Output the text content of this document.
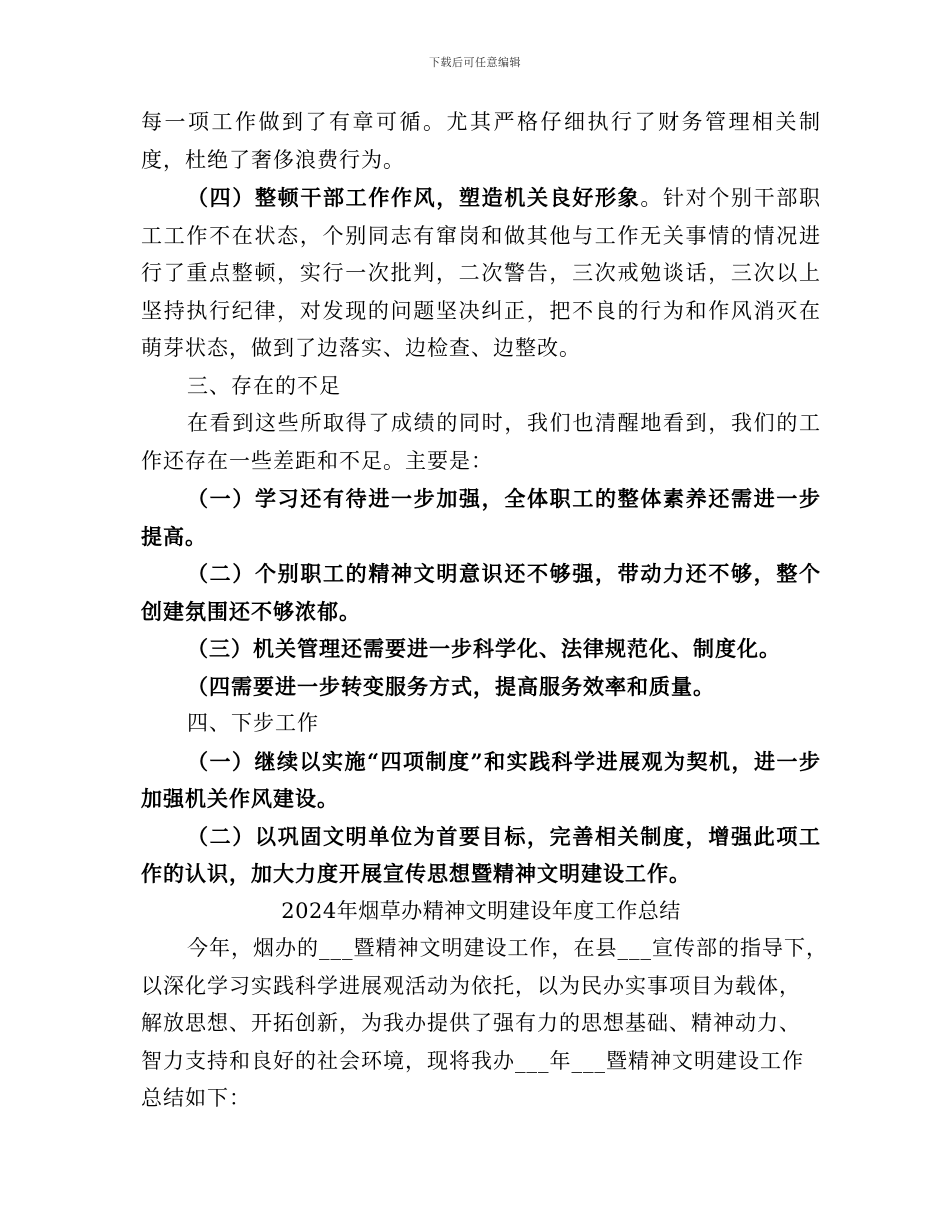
下载后可任意编辑

每一项工作做到了有章可循。尤其严格仔细执行了财务管理相关制度，杜绝了奢侈浪费行为。

（四）整顿干部工作作风，塑造机关良好形象。针对个别干部职工工作不在状态，个别同志有窜岗和做其他与工作无关事情的情况进行了重点整顿，实行一次批判，二次警告，三次戒勉谈话，三次以上坚持执行纪律，对发现的问题坚决纠正，把不良的行为和作风消灭在萌芽状态，做到了边落实、边检查、边整改。

三、存在的不足

在看到这些所取得了成绩的同时，我们也清醒地看到，我们的工作还存在一些差距和不足。主要是：

（一）学习还有待进一步加强，全体职工的整体素养还需进一步提高。

（二）个别职工的精神文明意识还不够强，带动力还不够，整个创建氛围还不够浓郁。

（三）机关管理还需要进一步科学化、法律规范化、制度化。

（四需要进一步转变服务方式，提高服务效率和质量。

四、下步工作

（一）继续以实施“四项制度”和实践科学进展观为契机，进一步加强机关作风建设。

（二）以巩固文明单位为首要目标，完善相关制度，增强此项工作的认识，加大力度开展宣传思想暨精神文明建设工作。

2024年烟草办精神文明建设年度工作总结

今年，烟办的___暨精神文明建设工作，在县___宣传部的指导下，

以深化学习实践科学进展观活动为依托，以为民办实事项目为载体，

解放思想、开拓创新，为我办提供了强有力的思想基础、精神动力、

智力支持和良好的社会环境，现将我办___年___暨精神文明建设工作

总结如下：
